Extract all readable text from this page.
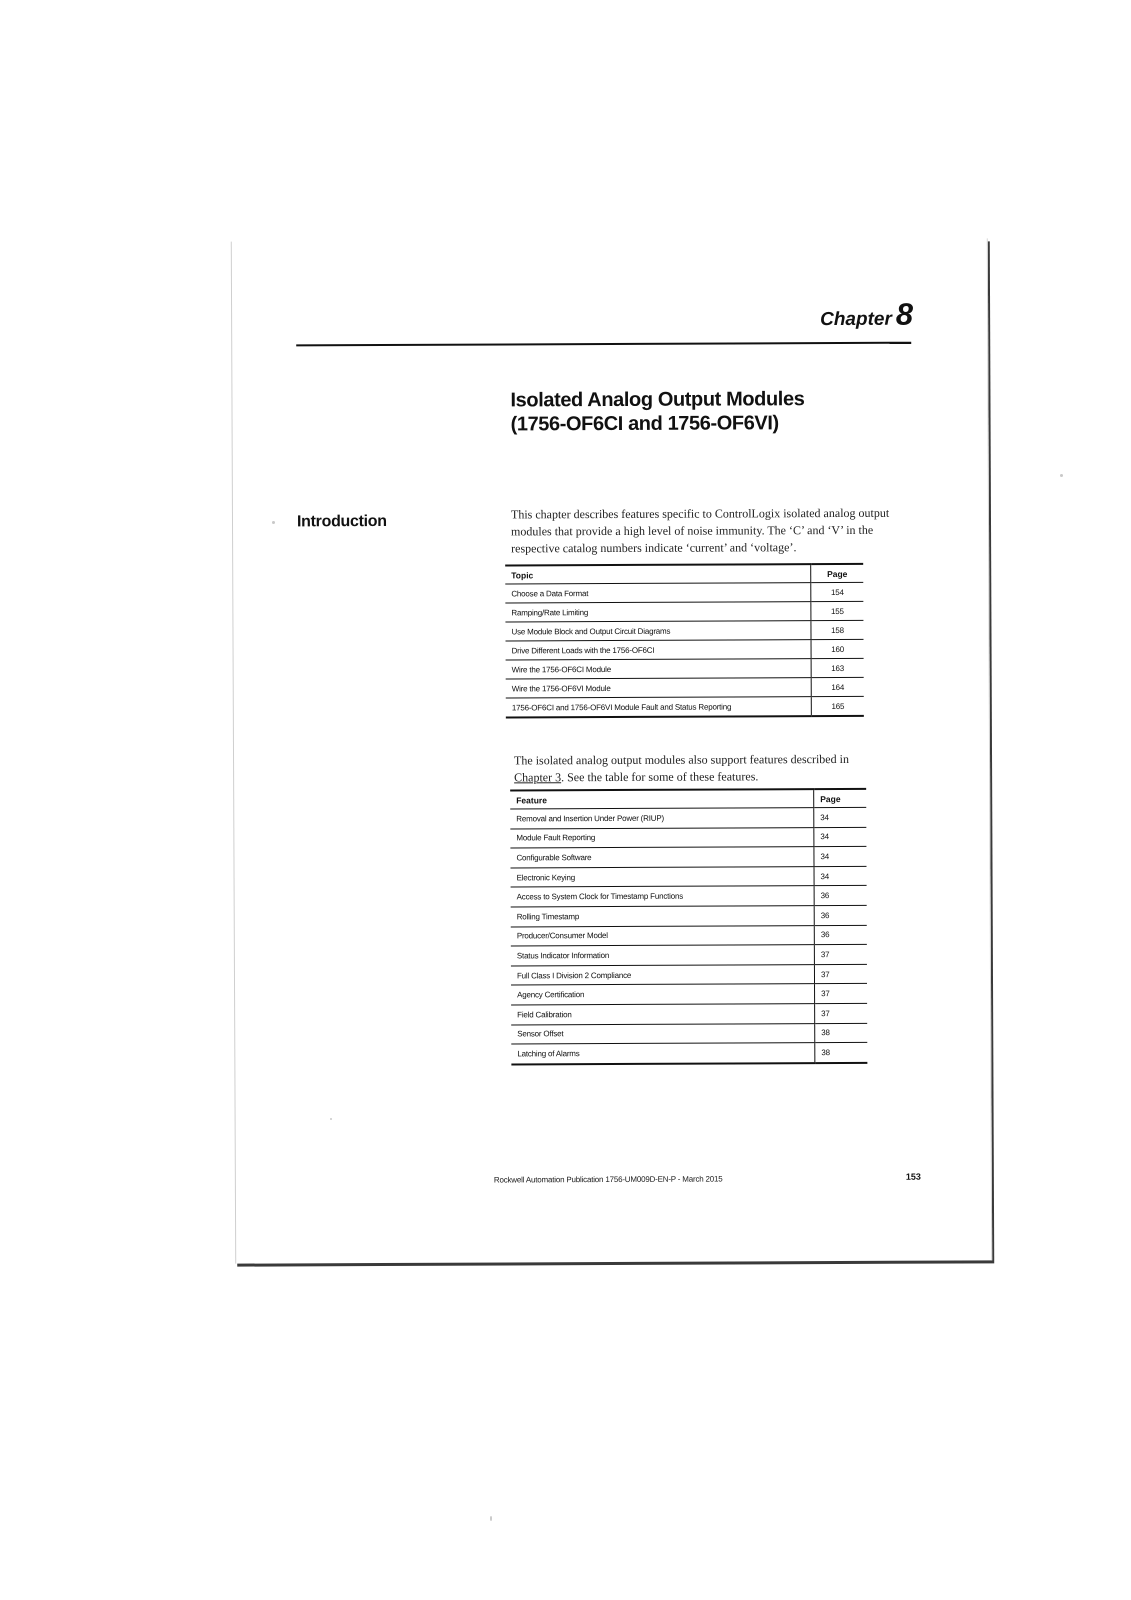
Chapter 8
Isolated Analog Output Modules
(1756-OF6CI and 1756-OF6VI)
Introduction	This chapter describes features specific to ControlLogix isolated analog output modules that provide a high level of noise immunity. The ‘C’ and ‘V’ in the respective catalog numbers indicate ‘current’ and ‘voltage’.

Topic	Page
Choose a Data Format	154
Ramping/Rate Limiting	155
Use Module Block and Output Circuit Diagrams	158
Drive Different Loads with the 1756-OF6CI	160
Wire the 1756-OF6CI Module	163
Wire the 1756-OF6VI Module	164
1756-OF6CI and 1756-OF6VI Module Fault and Status Reporting	165

The isolated analog output modules also support features described in Chapter 3. See the table for some of these features.

Feature	Page
Removal and Insertion Under Power (RIUP)	34
Module Fault Reporting	34
Configurable Software	34
Electronic Keying	34
Access to System Clock for Timestamp Functions	36
Rolling Timestamp	36
Producer/Consumer Model	36
Status Indicator Information	37
Full Class I Division 2 Compliance	37
Agency Certification	37
Field Calibration	37
Sensor Offset	38
Latching of Alarms	38
Rockwell Automation Publication 1756-UM009D-EN-P - March 2015	153
